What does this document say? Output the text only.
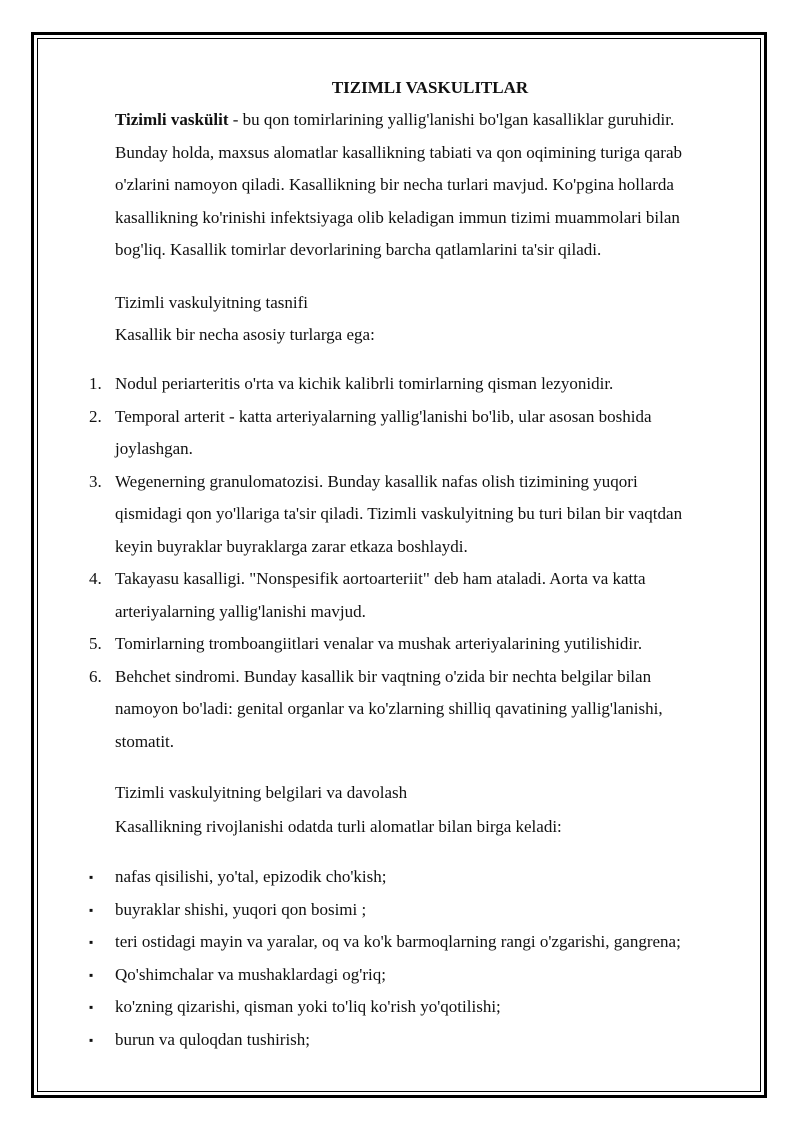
TIZIMLI VASKULITLAR
Tizimli vaskülit - bu qon tomirlarining yallig'lanishi bo'lgan kasalliklar guruhidir.
Bunday holda, maxsus alomatlar kasallikning tabiati va qon oqimining turiga qarab
o'zlarini namoyon qiladi. Kasallikning bir necha turlari mavjud. Ko'pgina hollarda
kasallikning ko'rinishi infektsiyaga olib keladigan immun tizimi muammolari bilan
bog'liq. Kasallik tomirlar devorlarining barcha qatlamlarini ta'sir qiladi.
Tizimli vaskulyitning tasnifi
Kasallik bir necha asosiy turlarga ega:
1. Nodul periarteritis o'rta va kichik kalibrli tomirlarning qisman lezyonidir.
2. Temporal arterit - katta arteriyalarning yallig'lanishi bo'lib, ular asosan boshida
joylashgan.
3. Wegenerning granulomatozisi. Bunday kasallik nafas olish tizimining yuqori
qismidagi qon yo'llariga ta'sir qiladi. Tizimli vaskulyitning bu turi bilan bir vaqtdan
keyin buyraklar buyraklarga zarar etkaza boshlaydi.
4. Takayasu kasalligi. "Nonspesifik aortoarteriit" deb ham ataladi. Aorta va katta
arteriyalarning yallig'lanishi mavjud.
5. Tomirlarning tromboangiitlari venalar va mushak arteriyalarining yutilishidir.
6. Behchet sindromi. Bunday kasallik bir vaqtning o'zida bir nechta belgilar bilan
namoyon bo'ladi: genital organlar va ko'zlarning shilliq qavatining yallig'lanishi,
stomatit.
Tizimli vaskulyitning belgilari va davolash
Kasallikning rivojlanishi odatda turli alomatlar bilan birga keladi:
▪ nafas qisilishi, yo'tal, epizodik cho'kish;
▪ buyraklar shishi, yuqori qon bosimi ;
▪ teri ostidagi mayin va yaralar, oq va ko'k barmoqlarning rangi o'zgarishi, gangrena;
▪ Qo'shimchalar va mushaklardagi og'riq;
▪ ko'zning qizarishi, qisman yoki to'liq ko'rish yo'qotilishi;
▪ burun va quloqdan tushirish;
